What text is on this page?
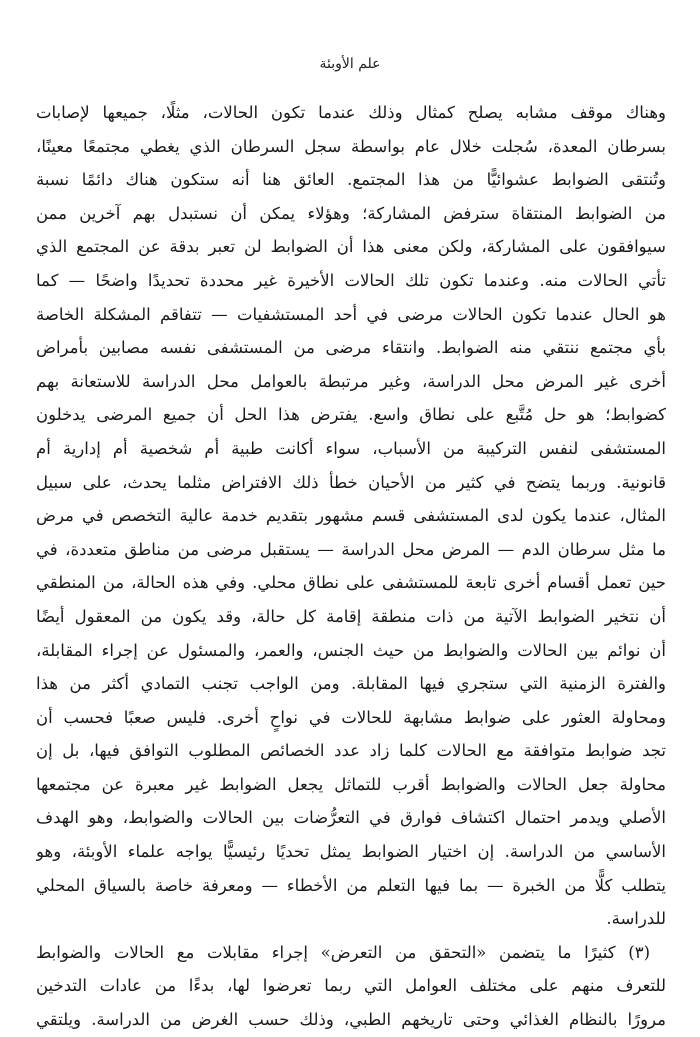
علم الأوبئة
وهناك موقف مشابه يصلح كمثال وذلك عندما تكون الحالات، مثلًا، جميعها لإصابات
بسرطان المعدة، سُجلت خلال عام بواسطة سجل السرطان الذي يغطي مجتمعًا معينًا،
وتُنتقى الضوابط عشوائيًّا من هذا المجتمع. العائق هنا أنه ستكون هناك دائمًا نسبة
من الضوابط المنتقاة سترفض المشاركة؛ وهؤلاء يمكن أن نستبدل بهم آخرين ممن
سيوافقون على المشاركة، ولكن معنى هذا أن الضوابط لن تعبر بدقة عن المجتمع الذي
تأتي الحالات منه. وعندما تكون تلك الحالات الأخيرة غير محددة تحديدًا واضحًا — كما
هو الحال عندما تكون الحالات مرضى في أحد المستشفيات — تتفاقم المشكلة الخاصة
بأي مجتمع ننتقي منه الضوابط. وانتقاء مرضى من المستشفى نفسه مصابين بأمراض
أخرى غير المرض محل الدراسة، وغير مرتبطة بالعوامل محل الدراسة للاستعانة بهم
كضوابط؛ هو حل مُتَّبع على نطاق واسع. يفترض هذا الحل أن جميع المرضى يدخلون
المستشفى لنفس التركيبة من الأسباب، سواء أكانت طبية أم شخصية أم إدارية أم
قانونية. وربما يتضح في كثير من الأحيان خطأ ذلك الافتراض مثلما يحدث، على سبيل
المثال، عندما يكون لدى المستشفى قسم مشهور بتقديم خدمة عالية التخصص في مرض
ما مثل سرطان الدم — المرض محل الدراسة — يستقبل مرضى من مناطق متعددة، في
حين تعمل أقسام أخرى تابعة للمستشفى على نطاق محلي. وفي هذه الحالة، من المنطقي
أن نتخير الضوابط الآتية من ذات منطقة إقامة كل حالة، وقد يكون من المعقول أيضًا
أن نوائم بين الحالات والضوابط من حيث الجنس، والعمر، والمسئول عن إجراء المقابلة،
والفترة الزمنية التي ستجري فيها المقابلة. ومن الواجب تجنب التمادي أكثر من هذا
ومحاولة العثور على ضوابط مشابهة للحالات في نواحٍ أخرى. فليس صعبًا فحسب أن
تجد ضوابط متوافقة مع الحالات كلما زاد عدد الخصائص المطلوب التوافق فيها، بل إن
محاولة جعل الحالات والضوابط أقرب للتماثل يجعل الضوابط غير معبرة عن مجتمعها
الأصلي ويدمر احتمال اكتشاف فوارق في التعرُّضات بين الحالات والضوابط، وهو الهدف
الأساسي من الدراسة. إن اختيار الضوابط يمثل تحديًا رئيسيًّا يواجه علماء الأوبئة، وهو
يتطلب كلًّا من الخبرة — بما فيها التعلم من الأخطاء — ومعرفة خاصة بالسياق المحلي
للدراسة.
(٣) كثيرًا ما يتضمن «التحقق من التعرض» إجراء مقابلات مع الحالات والضوابط
للتعرف منهم على مختلف العوامل التي ربما تعرضوا لها، بدءًا من عادات التدخين
مرورًا بالنظام الغذائي وحتى تاريخهم الطبي، وذلك حسب الغرض من الدراسة. ويلتقي
